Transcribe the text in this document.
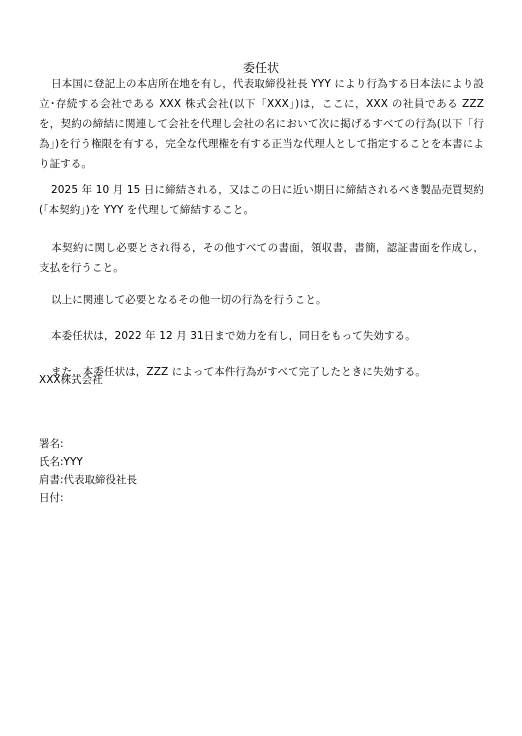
委任状

日本国に登記上の本店所在地を有し，代表取締役社長 YYY により行為する日本法により設立･存続する会社である XXX 株式会社(以下「XXX」)は，ここに，XXX の社員である ZZZ を，契約の締結に関連して会社を代理し会社の名において次に掲げるすべての行為(以下「行為」)を行う権限を有する，完全な代理権を有する正当な代理人として指定することを本書により証する。

2025 年 10 月 15 日に締結される，又はこの日に近い期日に締結されるべき製品売買契約(「本契約」)を YYY を代理して締結すること。

本契約に関し必要とされ得る，その他すべての書面，領収書，書簡，認証書面を作成し，支払を行うこと。

以上に関連して必要となるその他一切の行為を行うこと。

本委任状は，2022 年 12 月 31日まで効力を有し，同日をもって失効する。

また，本委任状は，ZZZ によって本件行為がすべて完了したときに失効する。

XXX株式会社
署名:
氏名:YYY
肩書:代表取締役社長
日付:
